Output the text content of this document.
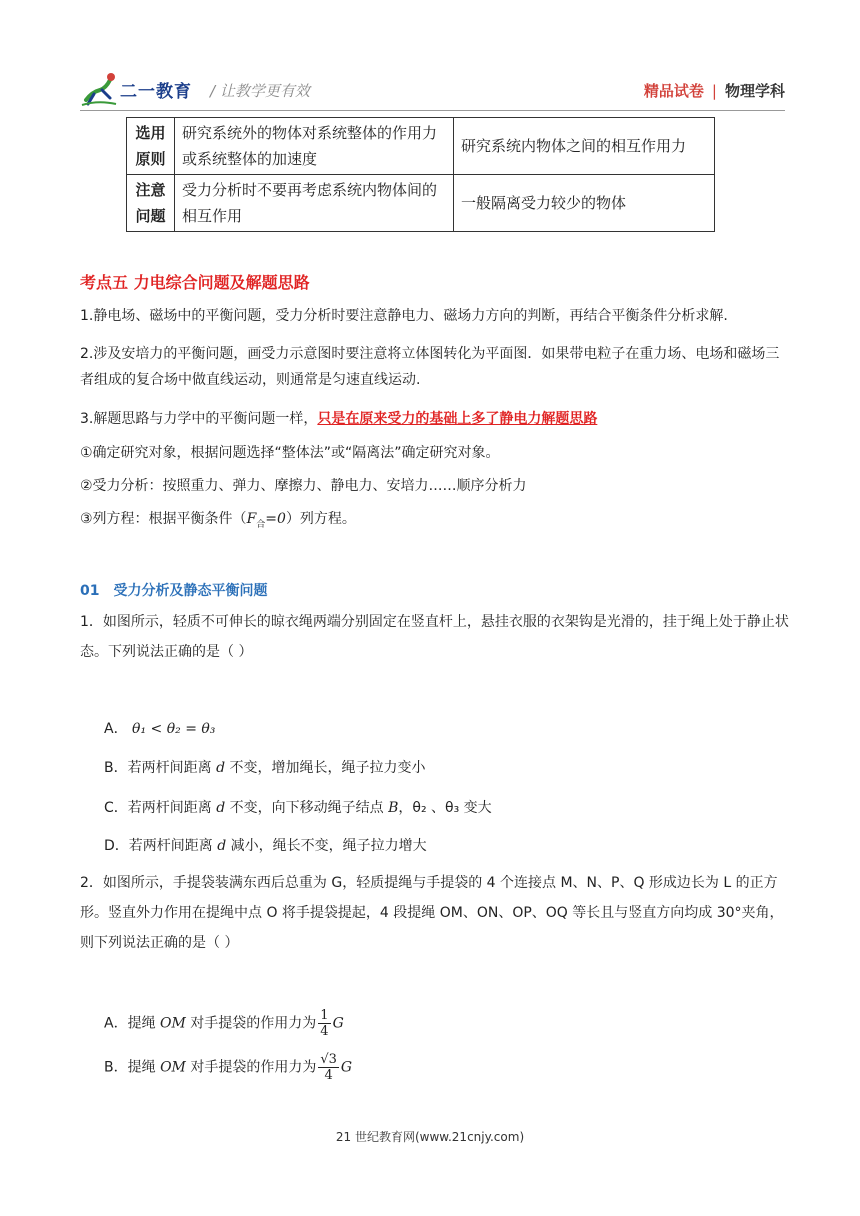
二一教育 / 让教学更有效	精品试卷 | 物理学科
选用原则	研究系统外的物体对系统整体的作用力或系统整体的加速度	研究系统内物体之间的相互作用力
注意问题	受力分析时不要再考虑系统内物体间的相互作用	一般隔离受力较少的物体
考点五 力电综合问题及解题思路
1.静电场、磁场中的平衡问题，受力分析时要注意静电力、磁场力方向的判断，再结合平衡条件分析求解.
2.涉及安培力的平衡问题，画受力示意图时要注意将立体图转化为平面图．如果带电粒子在重力场、电场和磁场三者组成的复合场中做直线运动，则通常是匀速直线运动.
3.解题思路与力学中的平衡问题一样，只是在原来受力的基础上多了静电力解题思路
①确定研究对象，根据问题选择“整体法”或“隔离法”确定研究对象。
②受力分析：按照重力、弹力、摩擦力、静电力、安培力……顺序分析力
③列方程：根据平衡条件$(F_合=0)$列方程。
01 受力分析及静态平衡问题
1．如图所示，轻质不可伸长的晾衣绳两端分别固定在竖直杆上，悬挂衣服的衣架钩是光滑的，挂于绳上处于静止状态。下列说法正确的是（ ）
A． θ₁ < θ₂ = θ₃
B．若两杆间距离 d 不变，增加绳长，绳子拉力变小
C．若两杆间距离 d 不变，向下移动绳子结点 B，θ₂ 、θ₃ 变大
D．若两杆间距离 d 减小，绳长不变，绳子拉力增大
2．如图所示，手提袋装满东西后总重为 G，轻质提绳与手提袋的 4 个连接点 M、N、P、Q 形成边长为 L 的正方形。竖直外力作用在提绳中点 O 将手提袋提起，4 段提绳 OM、ON、OP、OQ 等长且与竖直方向均成 30°夹角，则下列说法正确的是（ ）
A．提绳 OM 对手提袋的作用力为 $\frac{1}{4}$ G
B．提绳 OM 对手提袋的作用力为 $\frac{√3}{4}$ G
21 世纪教育网(www.21cnjy.com)
